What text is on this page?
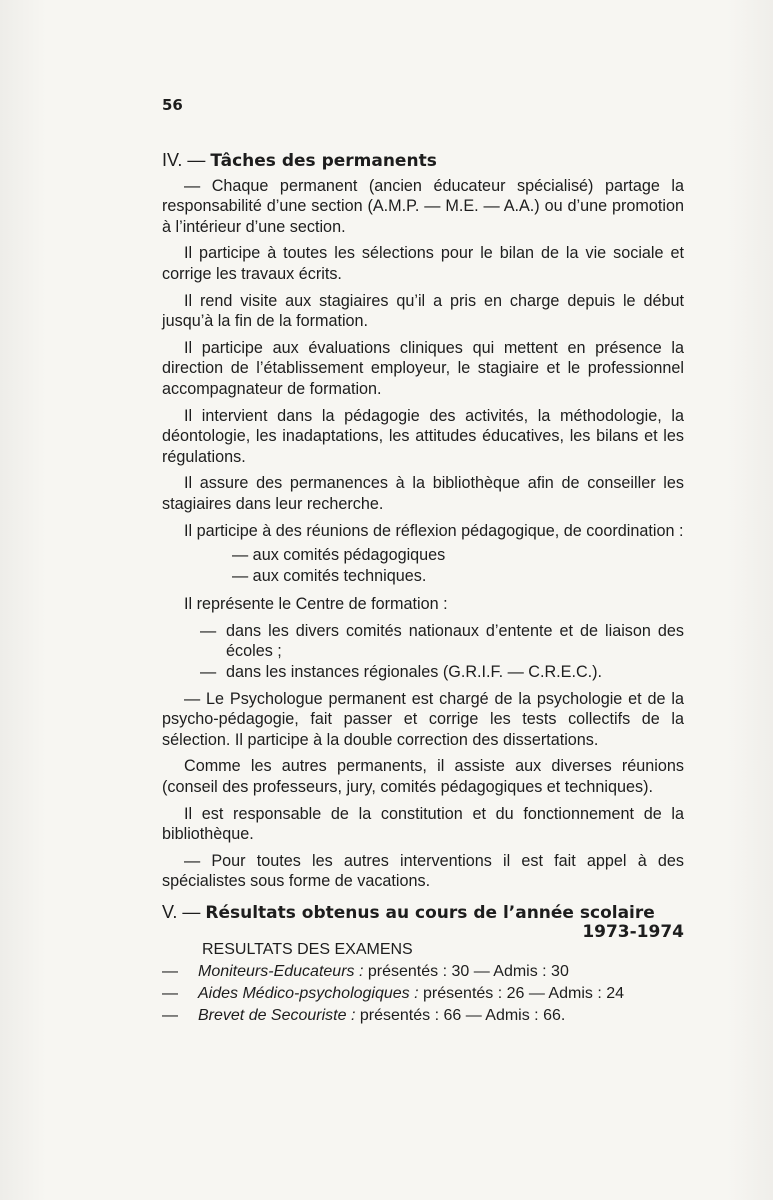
56
IV. — Tâches des permanents

— Chaque permanent (ancien éducateur spécialisé) partage la responsabilité d’une section (A.M.P. — M.E. — A.A.) ou d’une promotion à l’intérieur d’une section.

Il participe à toutes les sélections pour le bilan de la vie sociale et corrige les travaux écrits.

Il rend visite aux stagiaires qu’il a pris en charge depuis le début jusqu’à la fin de la formation.

Il participe aux évaluations cliniques qui mettent en présence la direction de l’établissement employeur, le stagiaire et le professionnel accompagnateur de formation.

Il intervient dans la pédagogie des activités, la méthodologie, la déontologie, les inadaptations, les attitudes éducatives, les bilans et les régulations.

Il assure des permanences à la bibliothèque afin de conseiller les stagiaires dans leur recherche.

Il participe à des réunions de réflexion pédagogique, de coordination :

— aux comités pédagogiques
— aux comités techniques.
Il représente le Centre de formation :
— dans les divers comités nationaux d’entente et de liaison des écoles ;
— dans les instances régionales (G.R.I.F. — C.R.E.C.).

— Le Psychologue permanent est chargé de la psychologie et de la psycho-pédagogie, fait passer et corrige les tests collectifs de la sélection. Il participe à la double correction des dissertations.

Comme les autres permanents, il assiste aux diverses réunions (conseil des professeurs, jury, comités pédagogiques et techniques).

Il est responsable de la constitution et du fonctionnement de la bibliothèque.

— Pour toutes les autres interventions il est fait appel à des spécialistes sous forme de vacations.

V. — Résultats obtenus au cours de l’année scolaire
1973-1974
RESULTATS DES EXAMENS
—	Moniteurs-Educateurs : présentés : 30 — Admis : 30
—	Aides Médico-psychologiques : présentés : 26 — Admis : 24
—	Brevet de Secouriste : présentés : 66 — Admis : 66.
